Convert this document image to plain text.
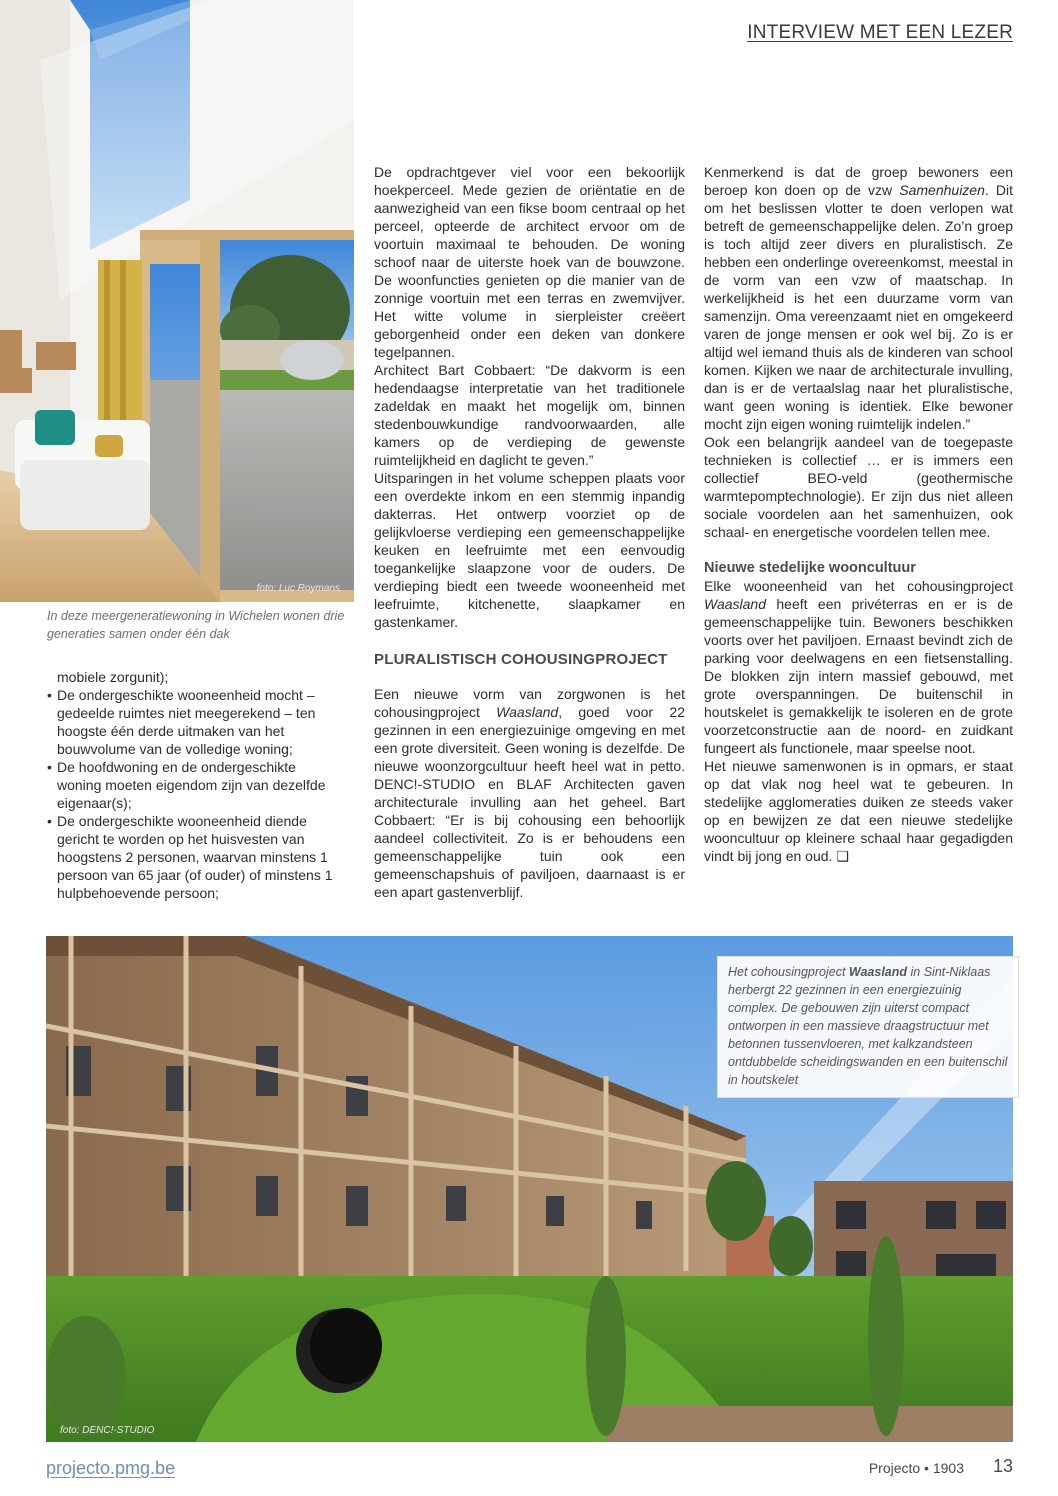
INTERVIEW MET EEN LEZER
foto: Luc Roymans
In deze meergeneratiewoning in Wichelen wonen drie generaties samen onder één dak

mobiele zorgunit);

• De ondergeschikte wooneenheid mocht – gedeelde ruimtes niet meegerekend – ten hoogste één derde uitmaken van het bouwvolume van de volledige woning;
• De hoofdwoning en de ondergeschikte woning moeten eigendom zijn van dezelfde eigenaar(s);
• De ondergeschikte wooneenheid diende gericht te worden op het huisvesten van hoogstens 2 personen, waarvan minstens 1 persoon van 65 jaar (of ouder) of minstens 1 hulpbehoevende persoon;

De opdrachtgever viel voor een bekoorlijk hoekperceel. Mede gezien de oriëntatie en de aanwezigheid van een fikse boom centraal op het perceel, opteerde de architect ervoor om de voortuin maximaal te behouden. De woning schoof naar de uiterste hoek van de bouwzone. De woonfuncties genieten op die manier van de zonnige voortuin met een terras en zwemvijver. Het witte volume in sierpleister creëert geborgenheid onder een deken van donkere tegelpannen.

Architect Bart Cobbaert: “De dakvorm is een hedendaagse interpretatie van het traditionele zadeldak en maakt het mogelijk om, binnen stedenbouwkundige randvoorwaarden, alle kamers op de verdieping de gewenste ruimtelijkheid en daglicht te geven.”

Uitsparingen in het volume scheppen plaats voor een overdekte inkom en een stemmig inpandig dakterras. Het ontwerp voorziet op de gelijkvloerse verdieping een gemeenschappelijke keuken en leefruimte met een eenvoudig toegankelijke slaapzone voor de ouders. De verdieping biedt een tweede wooneenheid met leefruimte, kitchenette, slaapkamer en gastenkamer.

PLURALISTISCH COHOUSINGPROJECT

Een nieuwe vorm van zorgwonen is het cohousingproject Waasland, goed voor 22 gezinnen in een energiezuinige omgeving en met een grote diversiteit. Geen woning is dezelfde. De nieuwe woonzorgcultuur heeft heel wat in petto. DENC!-STUDIO en BLAF Architecten gaven architecturale invulling aan het geheel. Bart Cobbaert: “Er is bij cohousing een behoorlijk aandeel collectiviteit. Zo is er behoudens een gemeenschappelijke tuin ook een gemeenschapshuis of paviljoen, daarnaast is er een apart gastenverblijf.

Kenmerkend is dat de groep bewoners een beroep kon doen op de vzw Samenhuizen. Dit om het beslissen vlotter te doen verlopen wat betreft de gemeenschappelijke delen. Zo’n groep is toch altijd zeer divers en pluralistisch. Ze hebben een onderlinge overeenkomst, meestal in de vorm van een vzw of maatschap. In werkelijkheid is het een duurzame vorm van samenzijn. Oma vereenzaamt niet en omgekeerd varen de jonge mensen er ook wel bij. Zo is er altijd wel iemand thuis als de kinderen van school komen. Kijken we naar de architecturale invulling, dan is er de vertaalslag naar het pluralistische, want geen woning is identiek. Elke bewoner mocht zijn eigen woning ruimtelijk indelen.”

Ook een belangrijk aandeel van de toegepaste technieken is collectief … er is immers een collectief BEO-veld (geothermische warmtepomptechnologie). Er zijn dus niet alleen sociale voordelen aan het samenhuizen, ook schaal- en energetische voordelen tellen mee.

Nieuwe stedelijke wooncultuur

Elke wooneenheid van het cohousingproject Waasland heeft een privéterras en er is de gemeenschappelijke tuin. Bewoners beschikken voorts over het paviljoen. Ernaast bevindt zich de parking voor deelwagens en een fietsenstalling. De blokken zijn intern massief gebouwd, met grote overspanningen. De buitenschil in houtskelet is gemakkelijk te isoleren en de grote voorzetconstructie aan de noord- en zuidkant fungeert als functionele, maar speelse noot.

Het nieuwe samenwonen is in opmars, er staat op dat vlak nog heel wat te gebeuren. In stedelijke agglomeraties duiken ze steeds vaker op en bewijzen ze dat een nieuwe stedelijke wooncultuur op kleinere schaal haar gegadigden vindt bij jong en oud. ❑

foto: DENC!-STUDIO
Het cohousingproject Waasland in Sint-Niklaas herbergt 22 gezinnen in een energiezuinig complex. De gebouwen zijn uiterst compact ontworpen in een massieve draagstructuur met betonnen tussenvloeren, met kalkzandsteen ontdubbelde scheidingswanden en een buitenschil in houtskelet
projecto.pmg.be	Projecto • 1903 13
